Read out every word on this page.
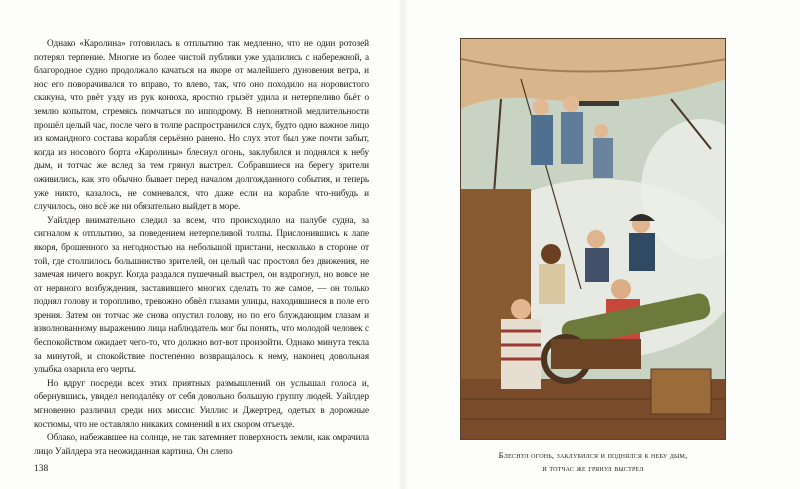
Однако «Каролина» готовилась к отплытию так медленно, что не один ротозей потерял терпение. Многие из более чистой публики уже удалились с набережной, а благородное судно продолжало качаться на якоре от малейшего дуновения ветра, и нос его поворачивался то вправо, то влево, так, что оно походило на норовистого скакуна, что рвёт узду из рук конюха, яростно грызёт удила и нетерпеливо бьёт о землю копытом, стремясь помчаться по ипподрому. В непонятной медлительности прошёл целый час, после чего в толпе распространился слух, будто одно важное лицо из командного состава корабля серьёзно ранено. Но слух этот был уже почти забыт, когда из носового борта «Каролины» блеснул огонь, заклубился и поднялся к небу дым, и тотчас же вслед за тем грянул выстрел. Собравшиеся на берегу зрители оживились, как это обычно бывает перед началом долгожданного события, и теперь уже никто, казалось, не сомневался, что даже если на корабле что-нибудь и случилось, оно всё же ни обязательно выйдет в море.

Уайлдер внимательно следил за всем, что происходило на палубе судна, за сигналом к отплытию, за поведением нетерпеливой толпы. Прислонившись к лапе якоря, брошенного за негодностью на небольшой пристани, несколько в стороне от той, где столпилось большинство зрителей, он целый час простоял без движения, не замечая ничего вокруг. Когда раздался пушечный выстрел, он вздрогнул, но вовсе не от нервного возбуждения, заставившего многих сделать то же самое, — он только поднял голову и торопливо, тревожно обвёл глазами улицы, находившиеся в поле его зрения. Затем он тотчас же снова опустил голову, но по его блуждающим глазам и взволнованному выражению лица наблюдатель мог бы понять, что молодой человек с беспокойством ожидает чего-то, что должно вот-вот произойти. Однако минута текла за минутой, и спокойствие постепенно возвращалось к нему, наконец довольная улыбка озарила его черты.

Но вдруг посреди всех этих приятных размышлений он услышал голоса и, обернувшись, увидел неподалёку от себя довольно большую группу людей. Уайлдер мгновенно различил среди них миссис Уиллис и Джертред, одетых в дорожные костюмы, что не оставляло никаких сомнений в их скором отъезде.

Облако, набежавшее на солнце, не так затемняет поверхность земли, как омрачила лицо Уайлдера эта неожиданная картина. Он слепо

138
Блеснул огонь, заклубился и поднялся к небу дым,
и тотчас же грянул выстрел
